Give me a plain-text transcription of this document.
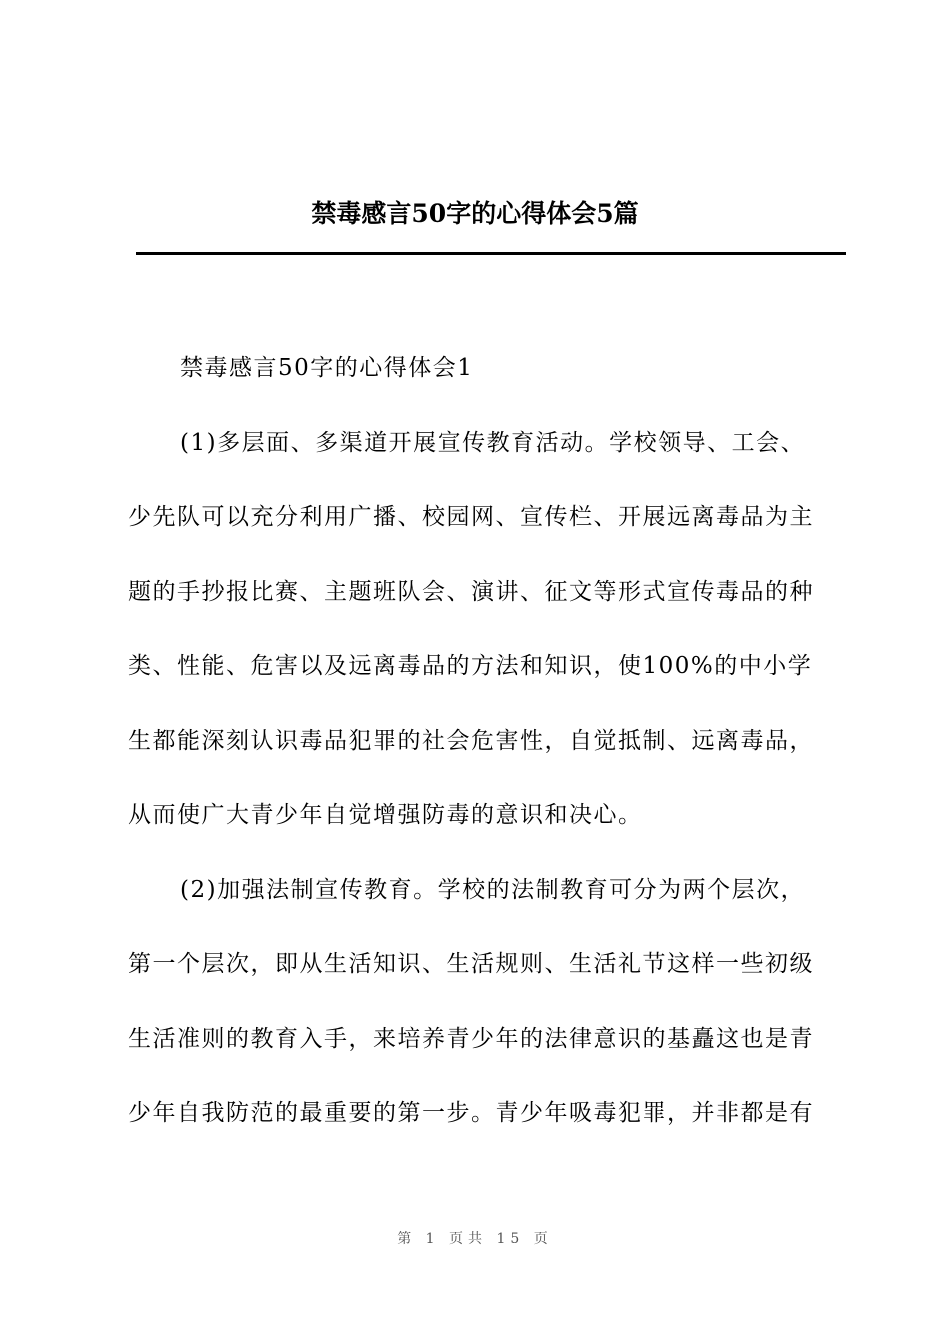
禁毒感言50字的心得体会5篇
禁毒感言50字的心得体会1
(1)多层面、多渠道开展宣传教育活动。学校领导、工会、
少先队可以充分利用广播、校园网、宣传栏、开展远离毒品为主
题的手抄报比赛、主题班队会、演讲、征文等形式宣传毒品的种
类、性能、危害以及远离毒品的方法和知识，使100%的中小学
生都能深刻认识毒品犯罪的社会危害性，自觉抵制、远离毒品，
从而使广大青少年自觉增强防毒的意识和决心。
(2)加强法制宣传教育。学校的法制教育可分为两个层次，
第一个层次，即从生活知识、生活规则、生活礼节这样一些初级
生活准则的教育入手，来培养青少年的法律意识的基矗这也是青
少年自我防范的最重要的第一步。青少年吸毒犯罪，并非都是有
第 1 页共 15 页
